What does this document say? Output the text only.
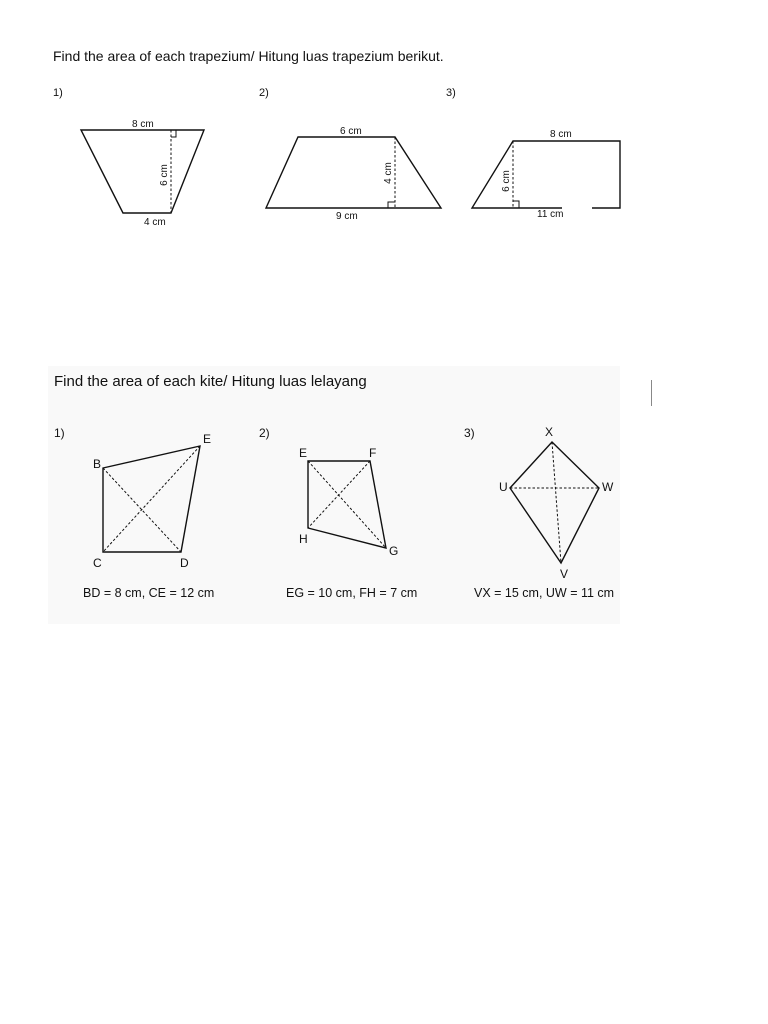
Find the area of each trapezium/ Hitung luas trapezium berikut.
1)	2)	3)
8 cm
6 cm
4 cm
6 cm
4 cm
9 cm
8 cm
6 cm
11 cm
Find the area of each kite/ Hitung luas lelayang
1)	2)	3)
B
E
C	D
E	F
H
G
X
U	W
V
BD = 8 cm, CE = 12 cm	EG = 10 cm, FH = 7 cm	VX = 15 cm, UW = 11 cm
